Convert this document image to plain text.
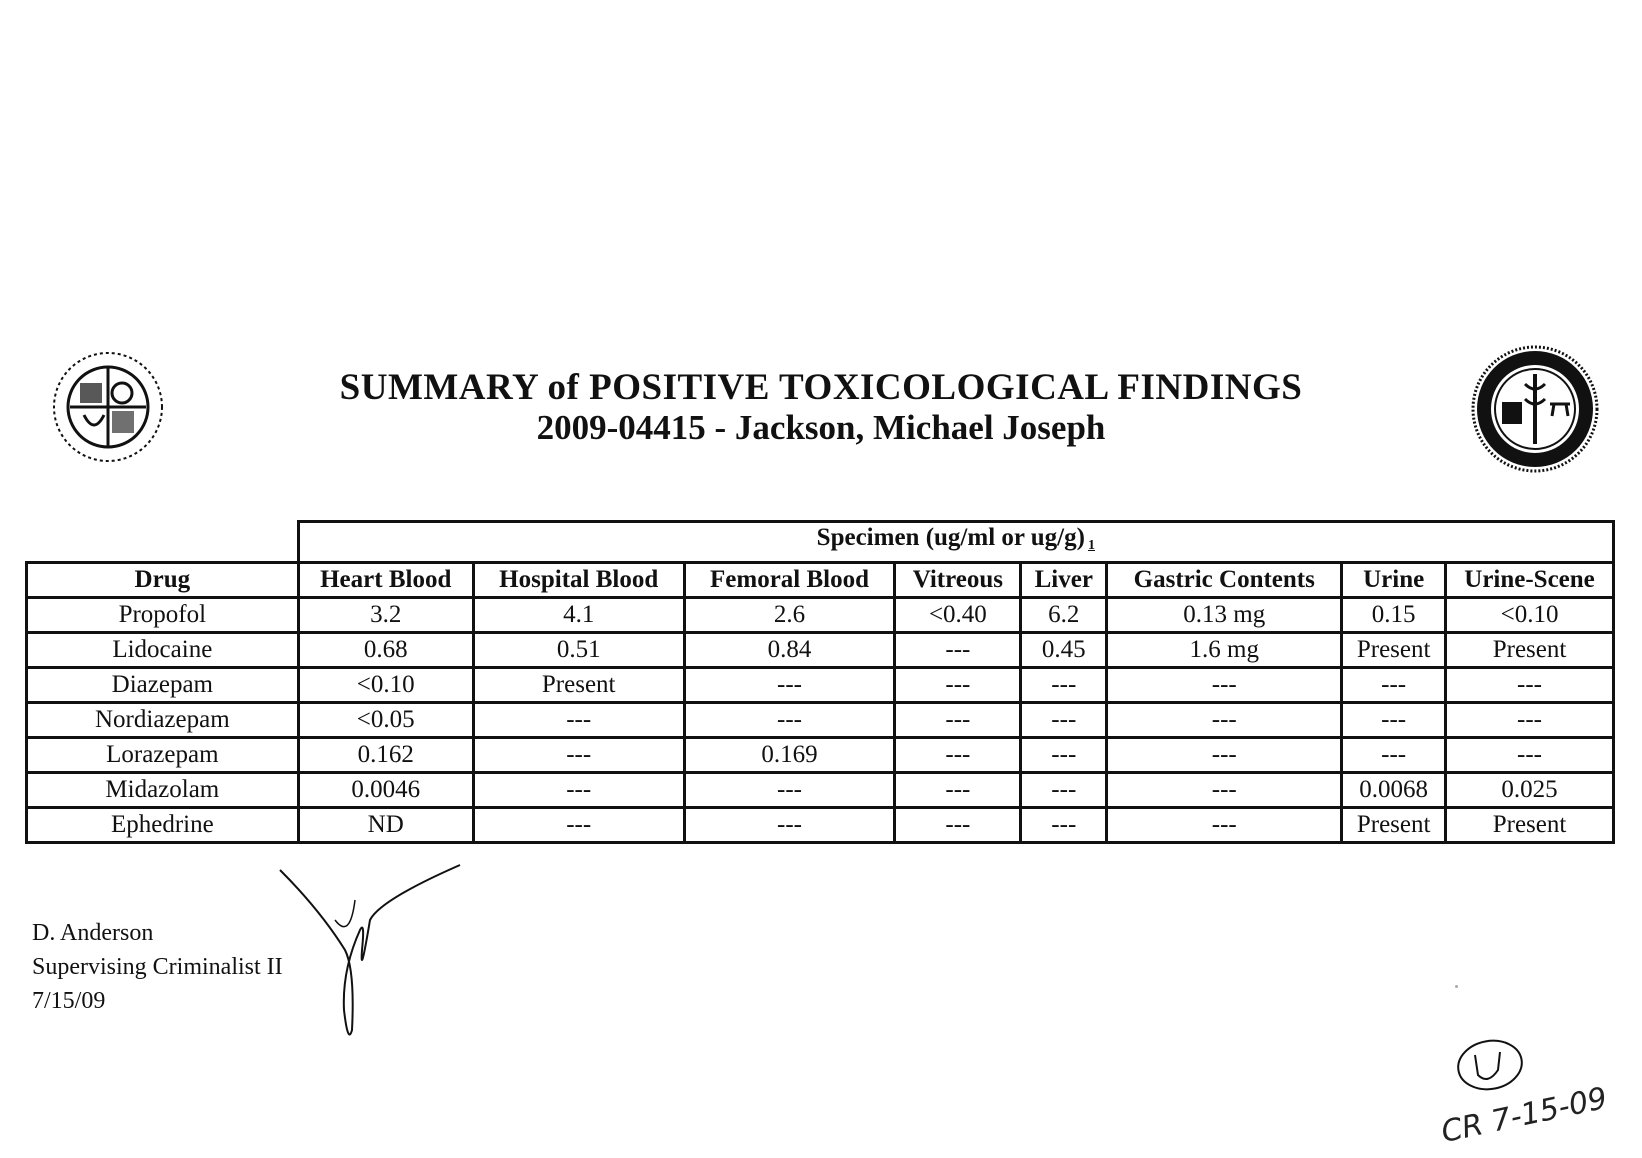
SUMMARY of POSITIVE TOXICOLOGICAL FINDINGS
2009-04415 - Jackson, Michael Joseph
	Specimen (ug/ml or ug/g) $_1$
Drug	Heart Blood	Hospital Blood	Femoral Blood	Vitreous	Liver	Gastric Contents	Urine	Urine-Scene
Propofol	3.2	4.1	2.6	<0.40	6.2	0.13 mg	0.15	<0.10
Lidocaine	0.68	0.51	0.84	---	0.45	1.6 mg	Present	Present
Diazepam	<0.10	Present	---	---	---	---	---	---
Nordiazepam	<0.05	---	---	---	---	---	---	---
Lorazepam	0.162	---	0.169	---	---	---	---	---
Midazolam	0.0046	---	---	---	---	---	0.0068	0.025
Ephedrine	ND	---	---	---	---	---	Present	Present
D. Anderson
Supervising Criminalist II
7/15/09
CR 7-15-09
